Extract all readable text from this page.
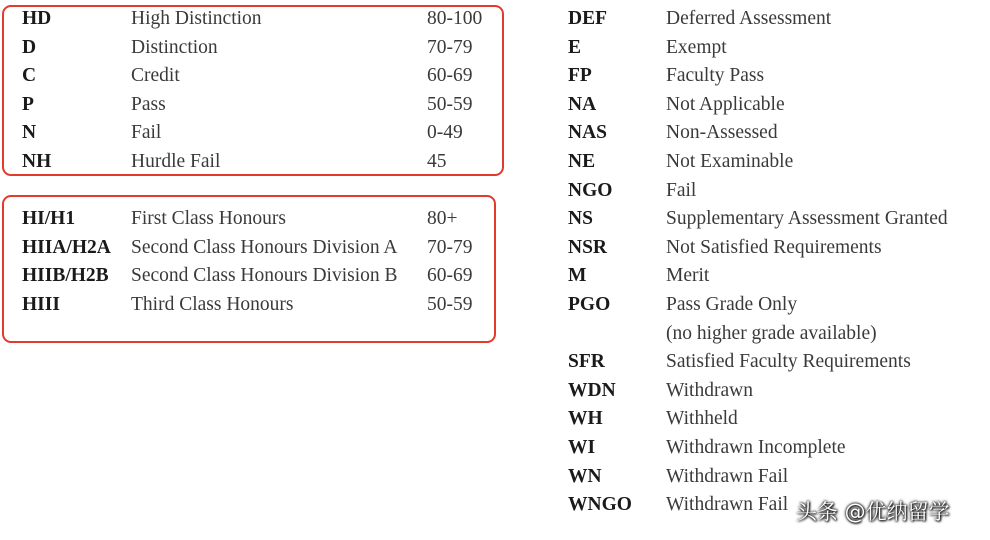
HD	High Distinction	80-100
D	Distinction	70-79
C	Credit	60-69
P	Pass	50-59
N	Fail	0-49
NH	Hurdle Fail	45
HI/H1	First Class Honours	80+
HIIA/H2A Second Class Honours Division A 70-79
HIIB/H2B Second Class Honours Division B 60-69
HIII	Third Class Honours	50-59
DEF	Deferred Assessment
E	Exempt
FP	Faculty Pass
NA	Not Applicable
NAS	Non-Assessed
NE	Not Examinable
NGO	Fail
NS	Supplementary Assessment Granted
NSR	Not Satisfied Requirements
M	Merit
PGO	Pass Grade Only
(no higher grade available)
SFR	Satisfied Faculty Requirements
WDN	Withdrawn
WH	Withheld
WI	Withdrawn Incomplete
WN	Withdrawn Fail
WNGO Withdrawn Fail 头条 @优纳留学
